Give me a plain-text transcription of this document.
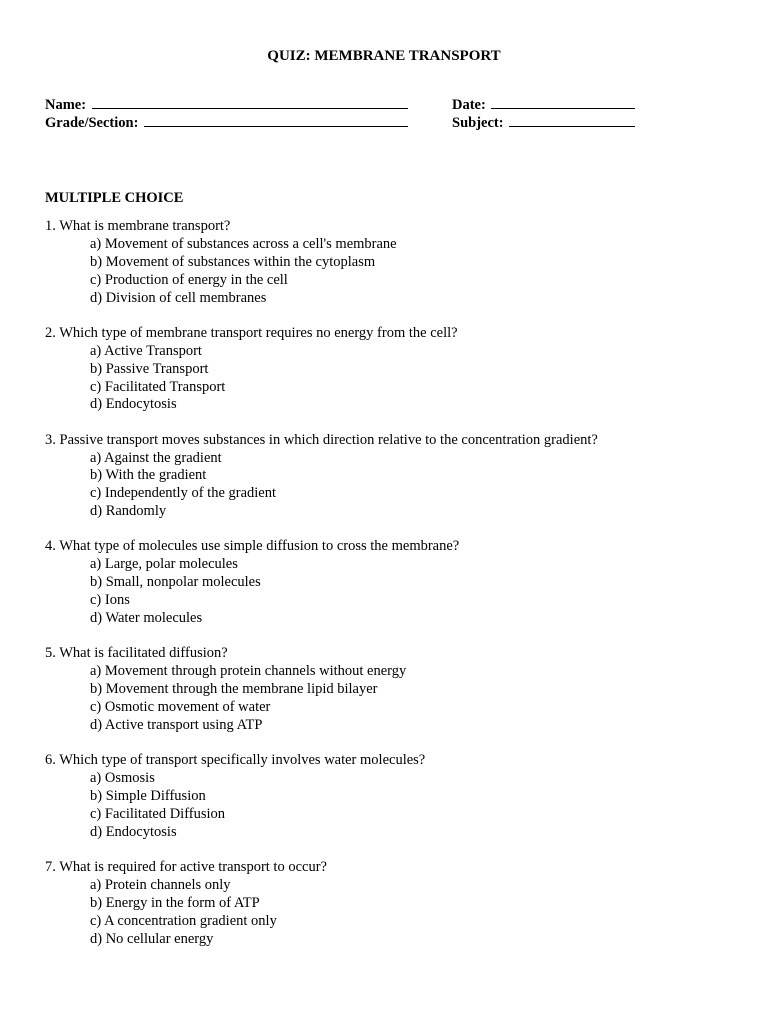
QUIZ: MEMBRANE TRANSPORT
Name:
Grade/Section:
Date:
Subject:
MULTIPLE CHOICE
1. What is membrane transport?
a) Movement of substances across a cell's membrane
b) Movement of substances within the cytoplasm
c) Production of energy in the cell
d) Division of cell membranes
2. Which type of membrane transport requires no energy from the cell?
a) Active Transport
b) Passive Transport
c) Facilitated Transport
d) Endocytosis
3. Passive transport moves substances in which direction relative to the concentration gradient?
a) Against the gradient
b) With the gradient
c) Independently of the gradient
d) Randomly
4. What type of molecules use simple diffusion to cross the membrane?
a) Large, polar molecules
b) Small, nonpolar molecules
c) Ions
d) Water molecules
5. What is facilitated diffusion?
a) Movement through protein channels without energy
b) Movement through the membrane lipid bilayer
c) Osmotic movement of water
d) Active transport using ATP
6. Which type of transport specifically involves water molecules?
a) Osmosis
b) Simple Diffusion
c) Facilitated Diffusion
d) Endocytosis
7. What is required for active transport to occur?
a) Protein channels only
b) Energy in the form of ATP
c) A concentration gradient only
d) No cellular energy
